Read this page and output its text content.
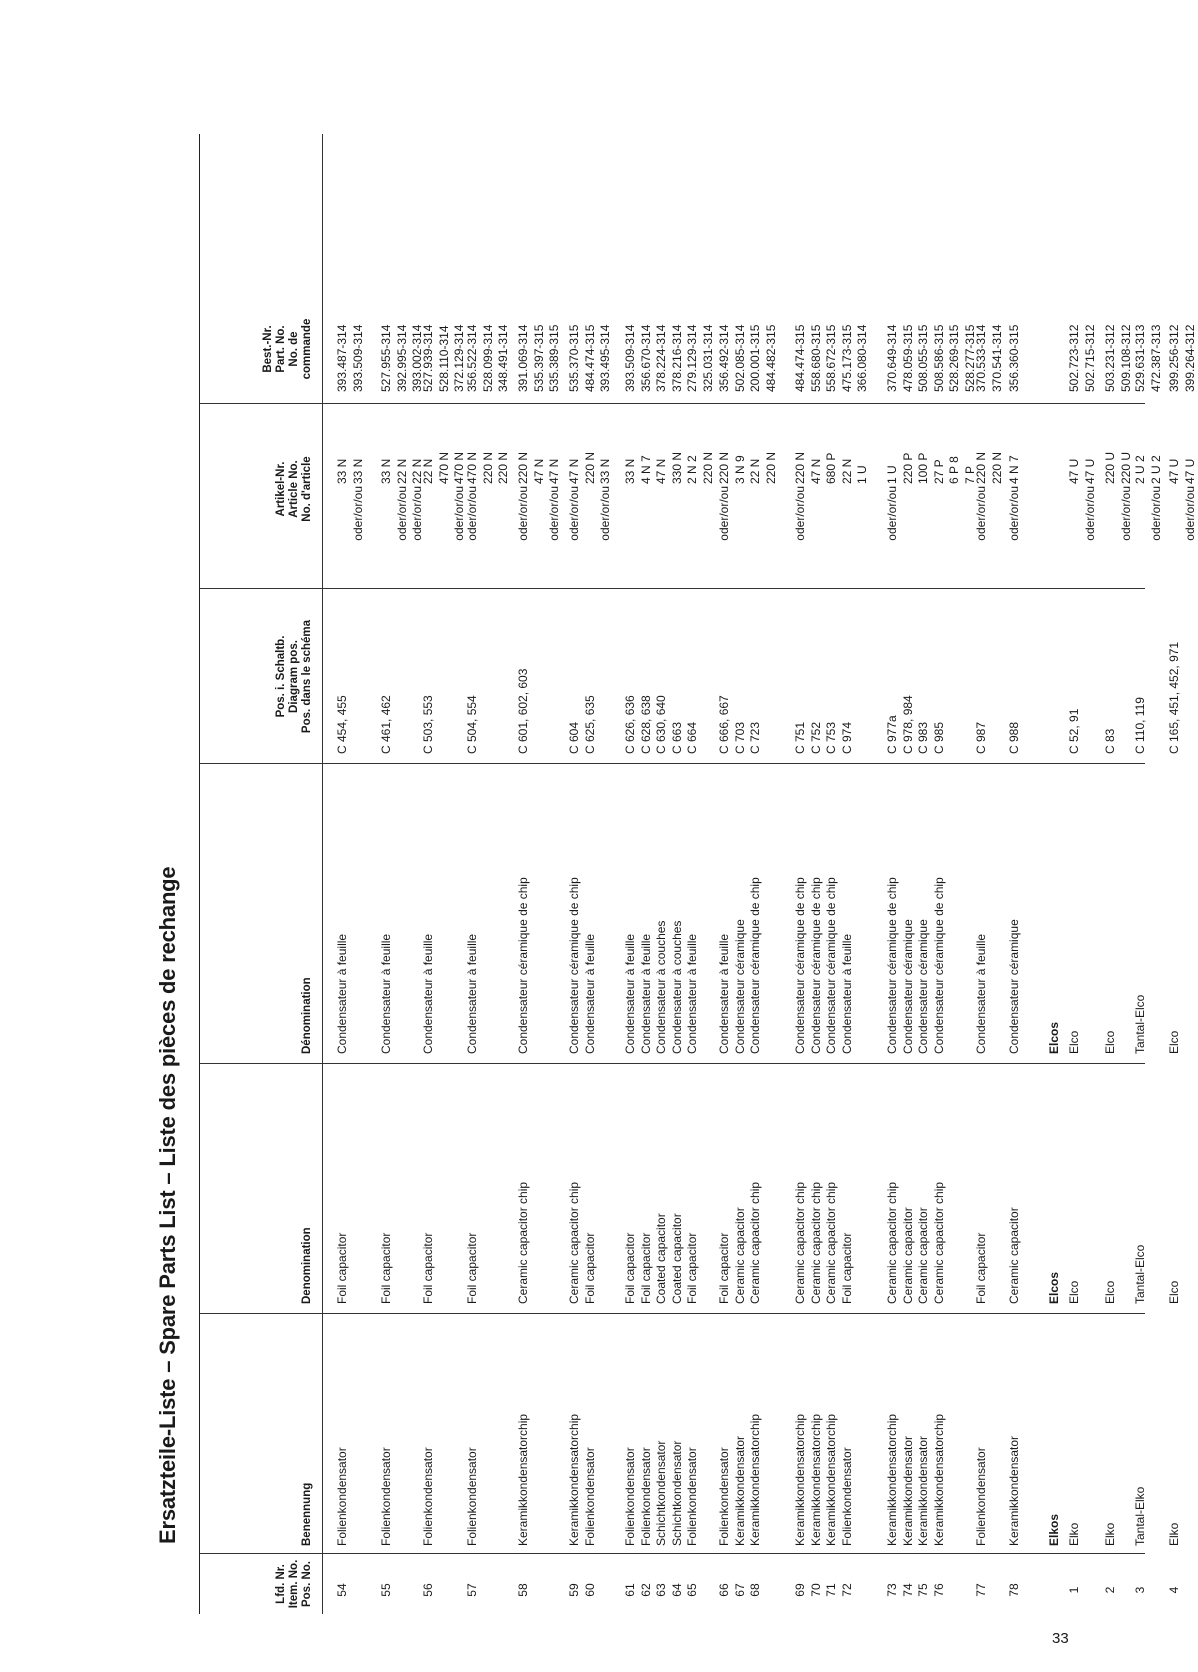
Ersatzteile-Liste – Spare Parts List – Liste des pièces de rechange
Lfd. Nr. Item. No. Pos. No.
Benennung
Denomination
Dénomination
Pos. i. Schaltb. Diagram pos. Pos. dans le schéma
Artikel-Nr. Article No. No. d'article
Best.-Nr. Part. No. No. de commande
54
Folienkondensator
Foil capacitor
Condensateur à feuille
C 454, 455
oder/or/ou
33 N 33 N
393.487-314 393.509-314
55
Folienkondensator
Foil capacitor
Condensateur à feuille
C 461, 462
oder/or/ou oder/or/ou
33 N 22 N 22 N
527.955-314 392.995-314 393.002-314
56
Folienkondensator
Foil capacitor
Condensateur à feuille
C 503, 553
oder/or/ou
22 N 470 N 470 N
527.939-314 528.110-314 372.129-314
57
Folienkondensator
Foil capacitor
Condensateur à feuille
C 504, 554
oder/or/ou
470 N 220 N 220 N
356.522-314 528.099-314 348.491-314
58
Keramikkondensatorchip
Ceramic capacitor chip
Condensateur céramique de chip
C 601, 602, 603
oder/or/ou oder/or/ou
220 N 47 N 47 N
391.069-314 535.397-315 535.389-315
59 60
Keramikkondensatorchip Folienkondensator
Ceramic capacitor chip Foil capacitor
Condensateur céramique de chip Condensateur à feuille
C 604 C 625, 635
oder/or/ou oder/or/ou
47 N 220 N 33 N
535.370-315 484.474-315 393.495-314
61 62 63 64 65
Folienkondensator Folienkondensator Schichtkondensator Schichtkondensator Folienkondensator
Foil capacitor Foil capacitor Coated capacitor Coated capacitor Foil capacitor
Condensateur à feuille Condensateur à feuille Condensateur à couches Condensateur à couches Condensateur à feuille
C 626, 636 C 628, 638 C 630, 640 C 663 C 664
33 N 4 N 7 47 N 330 N 2 N 2 220 N
393.509-314 356.670-314 378.224-314 378.216-314 279.129-314 325.031-314
66 67 68
Folienkondensator Keramikkondensator Keramikkondensatorchip
Foil capacitor Ceramic capacitor Ceramic capacitor chip
Condensateur à feuille Condensateur céramique Condensateur céramique de chip
C 666, 667 C 703 C 723
oder/or/ou
220 N 3 N 9 22 N 220 N
356.492-314 502.085-314 200.001-315 484.482-315
69 70 71 72
Keramikkondensatorchip Keramikkondensatorchip Keramikkondensatorchip Folienkondensator
Ceramic capacitor chip Ceramic capacitor chip Ceramic capacitor chip Foil capacitor
Condensateur céramique de chip Condensateur céramique de chip Condensateur céramique de chip Condensateur à feuille
C 751 C 752 C 753 C 974
oder/or/ou
220 N 47 N 680 P 22 N 1 U
484.474-315 558.680-315 558.672-315 475.173-315 366.080-314
73 74 75 76
Keramikkondensatorchip Keramikkondensator Keramikkondensator Keramikkondensatorchip
Ceramic capacitor chip Ceramic capacitor Ceramic capacitor Ceramic capacitor chip
Condensateur céramique de chip Condensateur céramique Condensateur céramique Condensateur céramique de chip
C 977a C 978, 984 C 983 C 985
oder/or/ou
1 U 220 P 100 P 27 P 6 P 8 7 P
370.649-314 478.059-315 508.055-315 508.586-315 528.269-315 528.277-315
77
Folienkondensator
Foil capacitor
Condensateur à feuille
C 987
oder/or/ou
220 N 220 N
370.533-314 370.541-314
78
Keramikkondensator
Ceramic capacitor
Condensateur céramique
C 988
oder/or/ou
4 N 7
356.360-315
Elkos
Elcos
Elcos
1
Elko
Elco
Elco
C 52, 91
oder/or/ou
47 U 47 U
502.723-312 502.715-312
2
Elko
Elco
Elco
C 83
oder/or/ou
220 U 220 U
503.231-312 509.108-312
3
Tantal-Elko
Tantal-Elco
Tantal-Elco
C 110, 119
oder/or/ou
2 U 2 2 U 2
529.631-313 472.387-313
4
Elko
Elco
Elco
C 165, 451, 452, 971
oder/or/ou
47 U 47 U
399.256-312 399.264-312
33
